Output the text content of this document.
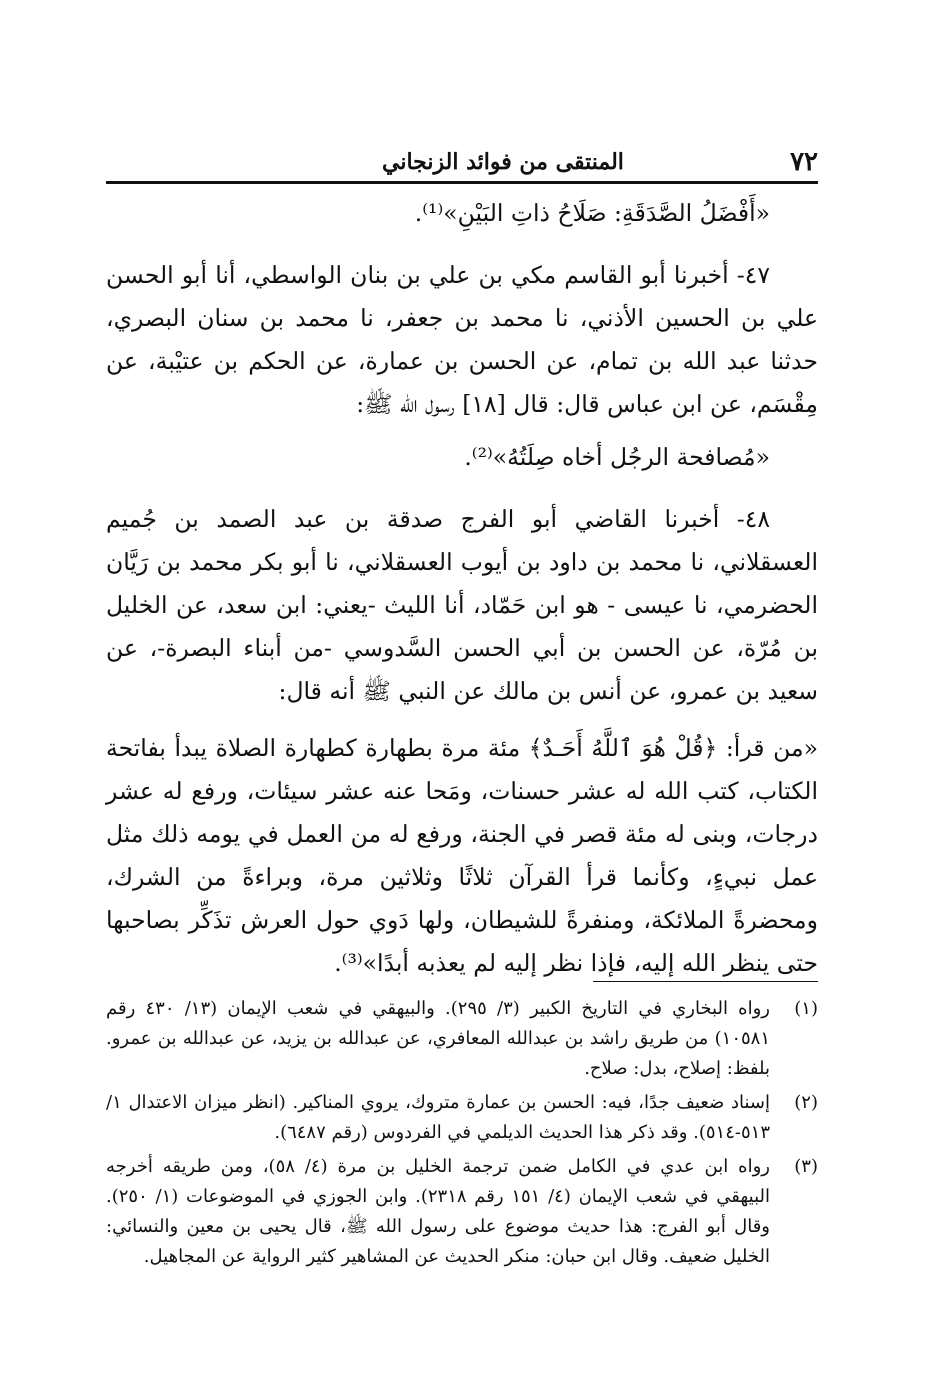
٧٢
المنتقى من فوائد الزنجاني

«أَفْضَلُ الصَّدَقَةِ: صَلَاحُ ذاتِ البَيْنِ»⁽¹⁾.

٤٧- أخبرنا أبو القاسم مكي بن علي بن بنان الواسطي، أنا أبو الحسن علي بن الحسين الأذني، نا محمد بن جعفر، نا محمد بن سنان البصري، حدثنا عبد الله بن تمام، عن الحسن بن عمارة، عن الحكم بن عتيْبة، عن مِقْسَم، عن ابن عباس قال: قال [١٨] رسول الله ﷺ:

«مُصافحة الرجُل أخاه صِلَتُهُ»⁽²⁾.

٤٨- أخبرنا القاضي أبو الفرج صدقة بن عبد الصمد بن جُميم العسقلاني، نا محمد بن داود بن أيوب العسقلاني، نا أبو بكر محمد بن رَيَّان الحضرمي، نا عيسى - هو ابن حَمّاد، أنا الليث -يعني: ابن سعد، عن الخليل بن مُرّة، عن الحسن بن أبي الحسن السَّدوسي -من أبناء البصرة-، عن سعيد بن عمرو، عن أنس بن مالك عن النبي ﷺ أنه قال:

«من قرأ: ﴿قُلْ هُوَ ٱللَّهُ أَحَـدٌ﴾ مئة مرة بطهارة كطهارة الصلاة يبدأ بفاتحة الكتاب، كتب الله له عشر حسنات، ومَحا عنه عشر سيئات، ورفع له عشر درجات، وبنى له مئة قصر في الجنة، ورفع له من العمل في يومه ذلك مثل عمل نبيءٍ، وكأنما قرأ القرآن ثلاثًا وثلاثين مرة، وبراءةً من الشرك، ومحضرةً الملائكة، ومنفرةً للشيطان، ولها دَوي حول العرش تذَكِّر بصاحبها حتى ينظر الله إليه، فإذا نظر إليه لم يعذبه أبدًا»⁽³⁾.

(١)
رواه البخاري في التاريخ الكبير (٣/ ٢٩٥). والبيهقي في شعب الإيمان (١٣/ ٤٣٠ رقم ١٠٥٨١) من طريق راشد بن عبدالله المعافري، عن عبدالله بن يزيد، عن عبدالله بن عمرو. بلفظ: إصلاح، بدل: صلاح.
(٢)
إسناد ضعيف جدًا، فيه: الحسن بن عمارة متروك، يروي المناكير. (انظر ميزان الاعتدال ١/ ٥١٣-٥١٤). وقد ذكر هذا الحديث الديلمي في الفردوس (رقم ٦٤٨٧).
(٣)
رواه ابن عدي في الكامل ضمن ترجمة الخليل بن مرة (٤/ ٥٨)، ومن طريقه أخرجه البيهقي في شعب الإيمان (٤/ ١٥١ رقم ٢٣١٨). وابن الجوزي في الموضوعات (١/ ٢٥٠). وقال أبو الفرج: هذا حديث موضوع على رسول الله ﷺ، قال يحيى بن معين والنسائي: الخليل ضعيف. وقال ابن حبان: منكر الحديث عن المشاهير كثير الرواية عن المجاهيل.
